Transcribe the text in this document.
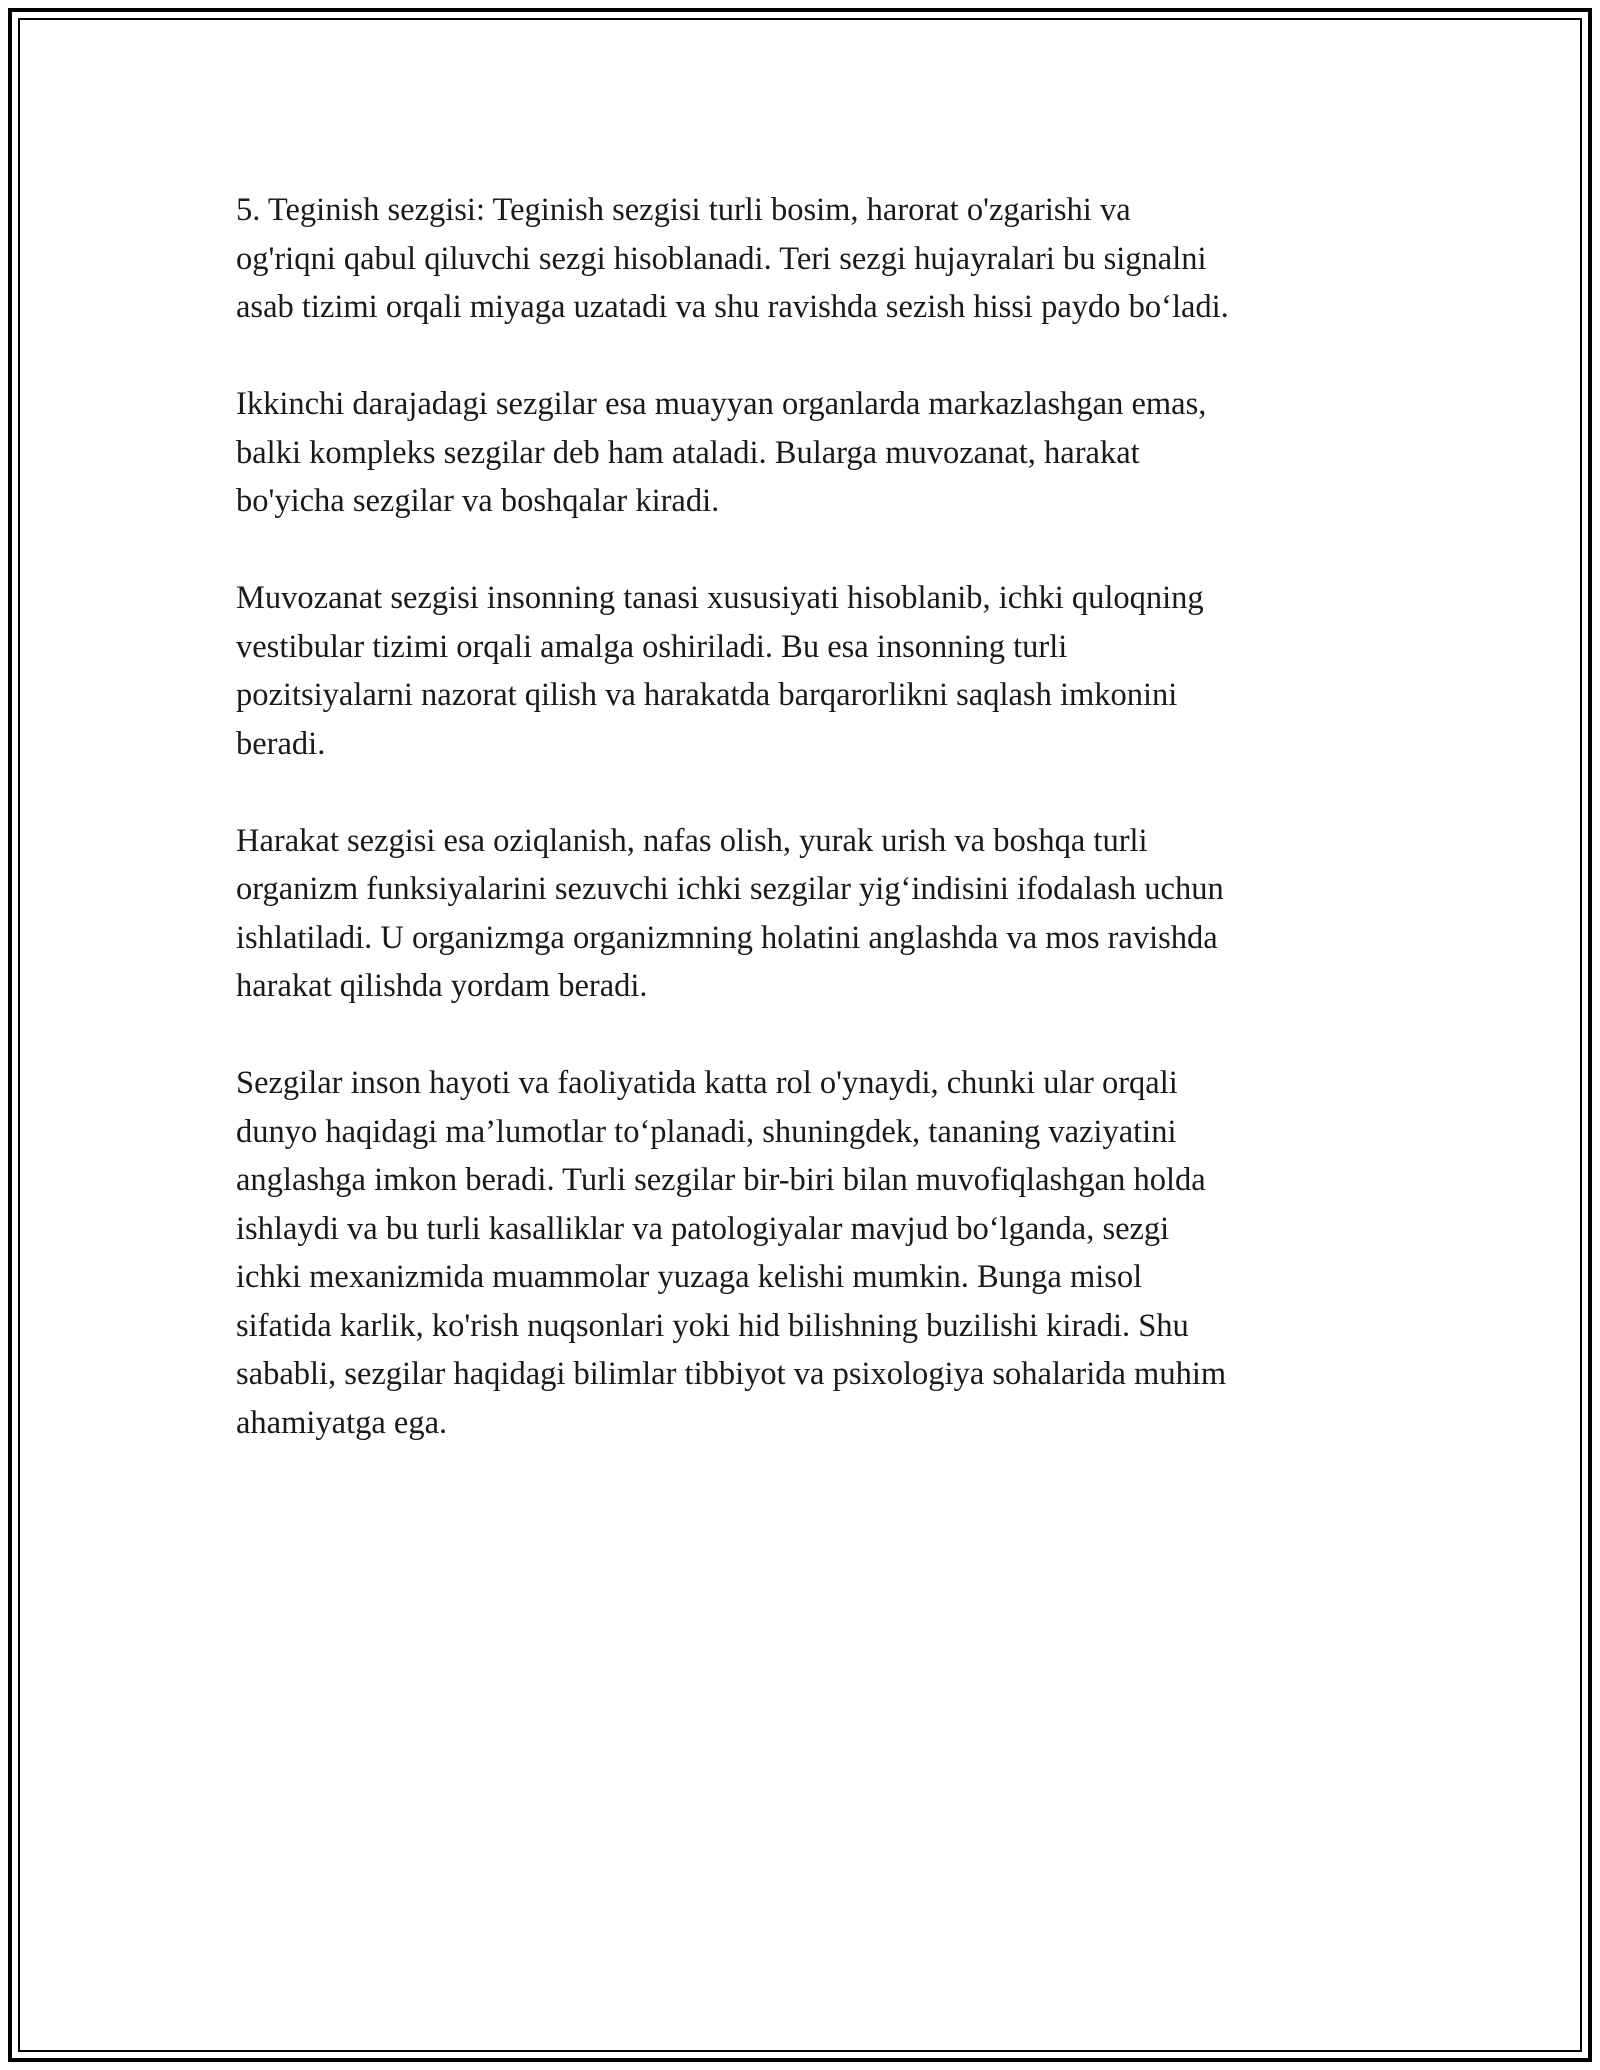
5. Teginish sezgisi: Teginish sezgisi turli bosim, harorat o'zgarishi va
og'riqni qabul qiluvchi sezgi hisoblanadi. Teri sezgi hujayralari bu signalni
asab tizimi orqali miyaga uzatadi va shu ravishda sezish hissi paydo bo‘ladi.

Ikkinchi darajadagi sezgilar esa muayyan organlarda markazlashgan emas,
balki kompleks sezgilar deb ham ataladi. Bularga muvozanat, harakat
bo'yicha sezgilar va boshqalar kiradi.

Muvozanat sezgisi insonning tanasi xususiyati hisoblanib, ichki quloqning
vestibular tizimi orqali amalga oshiriladi. Bu esa insonning turli
pozitsiyalarni nazorat qilish va harakatda barqarorlikni saqlash imkonini
beradi.

Harakat sezgisi esa oziqlanish, nafas olish, yurak urish va boshqa turli
organizm funksiyalarini sezuvchi ichki sezgilar yig‘indisini ifodalash uchun
ishlatiladi. U organizmga organizmning holatini anglashda va mos ravishda
harakat qilishda yordam beradi.

Sezgilar inson hayoti va faoliyatida katta rol o'ynaydi, chunki ular orqali
dunyo haqidagi ma’lumotlar to‘planadi, shuningdek, tananing vaziyatini
anglashga imkon beradi. Turli sezgilar bir-biri bilan muvofiqlashgan holda
ishlaydi va bu turli kasalliklar va patologiyalar mavjud bo‘lganda, sezgi
ichki mexanizmida muammolar yuzaga kelishi mumkin. Bunga misol
sifatida karlik, ko'rish nuqsonlari yoki hid bilishning buzilishi kiradi. Shu
sababli, sezgilar haqidagi bilimlar tibbiyot va psixologiya sohalarida muhim
ahamiyatga ega.
